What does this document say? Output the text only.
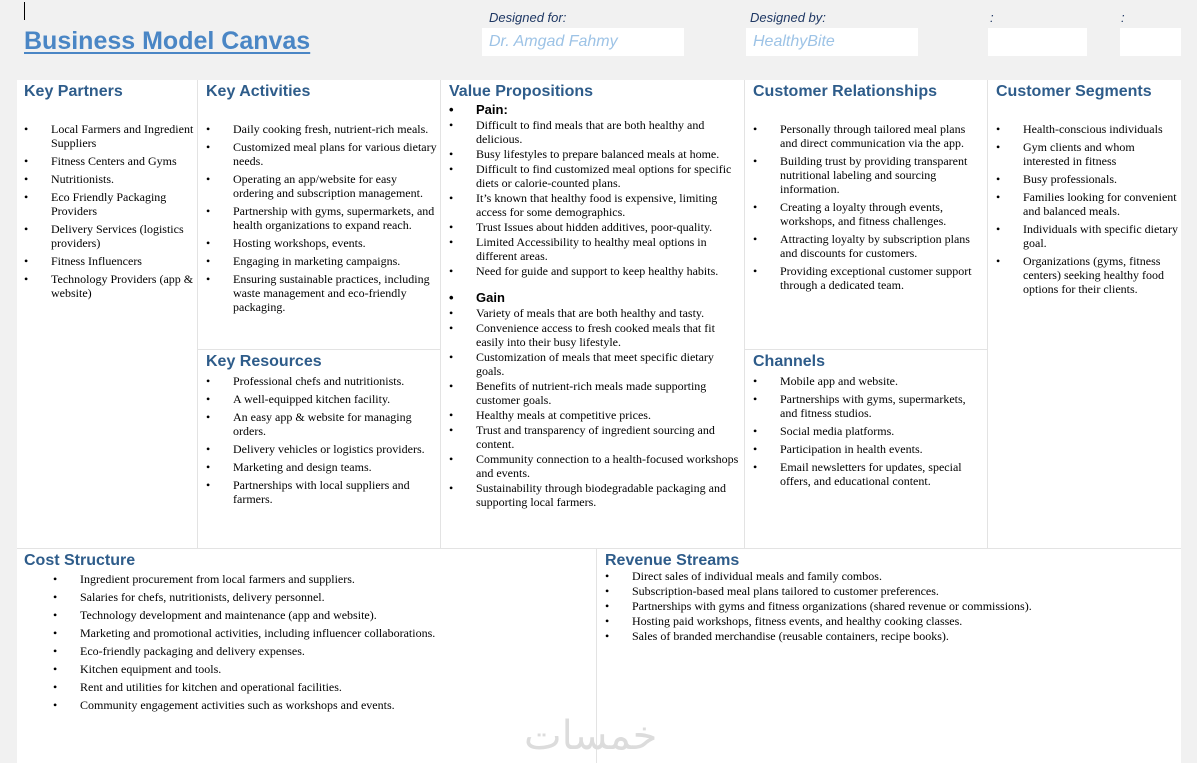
Business Model Canvas
Designed for:
Dr. Amgad Fahmy
Designed by:
HealthyBite
:	:
Key Partners
• Local Farmers and Ingredient Suppliers
• Fitness Centers and Gyms
• Nutritionists.
• Eco Friendly Packaging Providers
• Delivery Services (logistics providers)
• Fitness Influencers
• Technology Providers (app & website)
Key Activities
• Daily cooking fresh, nutrient-rich meals.
• Customized meal plans for various dietary needs.
• Operating an app/website for easy ordering and subscription management.
• Partnership with gyms, supermarkets, and health organizations to expand reach.
• Hosting workshops, events.
• Engaging in marketing campaigns.
• Ensuring sustainable practices, including waste management and eco-friendly packaging.
Key Resources
• Professional chefs and nutritionists.
• A well-equipped kitchen facility.
• An easy app & website for managing orders.
• Delivery vehicles or logistics providers.
• Marketing and design teams.
• Partnerships with local suppliers and farmers.
Value Propositions
• Pain:
• Difficult to find meals that are both healthy and delicious.
• Busy lifestyles to prepare balanced meals at home.
• Difficult to find customized meal options for specific diets or calorie-counted plans.
• It’s known that healthy food is expensive, limiting access for some demographics.
• Trust Issues about hidden additives, poor-quality.
• Limited Accessibility to healthy meal options in different areas.
• Need for guide and support to keep healthy habits.
• Gain
• Variety of meals that are both healthy and tasty.
• Convenience access to fresh cooked meals that fit easily into their busy lifestyle.
• Customization of meals that meet specific dietary goals.
• Benefits of nutrient-rich meals made supporting customer goals.
• Healthy meals at competitive prices.
• Trust and transparency of ingredient sourcing and content.
• Community connection to a health-focused workshops and events.
• Sustainability through biodegradable packaging and supporting local farmers.
Customer Relationships
• Personally through tailored meal plans and direct communication via the app.
• Building trust by providing transparent nutritional labeling and sourcing information.
• Creating a loyalty through events, workshops, and fitness challenges.
• Attracting loyalty by subscription plans and discounts for customers.
• Providing exceptional customer support through a dedicated team.
Channels
• Mobile app and website.
• Partnerships with gyms, supermarkets, and fitness studios.
• Social media platforms.
• Participation in health events.
• Email newsletters for updates, special offers, and educational content.
Customer Segments
• Health-conscious individuals
• Gym clients and whom interested in fitness
• Busy professionals.
• Families looking for convenient and balanced meals.
• Individuals with specific dietary goal.
• Organizations (gyms, fitness centers) seeking healthy food options for their clients.
Cost Structure
• Ingredient procurement from local farmers and suppliers.
• Salaries for chefs, nutritionists, delivery personnel.
• Technology development and maintenance (app and website).
• Marketing and promotional activities, including influencer collaborations.
• Eco-friendly packaging and delivery expenses.
• Kitchen equipment and tools.
• Rent and utilities for kitchen and operational facilities.
• Community engagement activities such as workshops and events.
Revenue Streams
• Direct sales of individual meals and family combos.
• Subscription-based meal plans tailored to customer preferences.
• Partnerships with gyms and fitness organizations (shared revenue or commissions).
• Hosting paid workshops, fitness events, and healthy cooking classes.
• Sales of branded merchandise (reusable containers, recipe books).
خمسات
